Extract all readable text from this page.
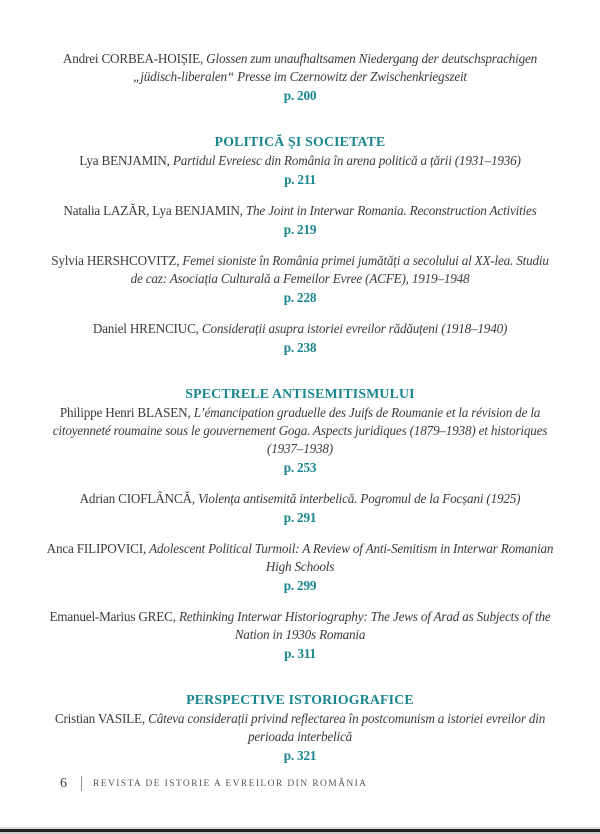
Andrei CORBEA-HOIȘIE, Glossen zum unaufhaltsamen Niedergang der deutschsprachigen „jüdisch-liberalen“ Presse im Czernowitz der Zwischenkriegszeit

p. 200

POLITICĂ ȘI SOCIETATE

Lya BENJAMIN, Partidul Evreiesc din România în arena politică a țării (1931–1936)

p. 211

Natalia LAZĂR, Lya BENJAMIN, The Joint in Interwar Romania. Reconstruction Activities

p. 219

Sylvia HERSHCOVITZ, Femei sioniste în România primei jumătăți a secolului al XX-lea. Studiu de caz: Asociația Culturală a Femeilor Evree (ACFE), 1919–1948

p. 228

Daniel HRENCIUC, Considerații asupra istoriei evreilor rădăuțeni (1918–1940)

p. 238

SPECTRELE ANTISEMITISMULUI

Philippe Henri BLASEN, L’émancipation graduelle des Juifs de Roumanie et la révision de la citoyenneté roumaine sous le gouvernement Goga. Aspects juridiques (1879–1938) et historiques (1937–1938)

p. 253

Adrian CIOFLÂNCĂ, Violența antisemită interbelică. Pogromul de la Focșani (1925)

p. 291

Anca FILIPOVICI, Adolescent Political Turmoil: A Review of Anti-Semitism in Interwar Romanian High Schools

p. 299

Emanuel-Marius GREC, Rethinking Interwar Historiography: The Jews of Arad as Subjects of the Nation in 1930s Romania

p. 311

PERSPECTIVE ISTORIOGRAFICE

Cristian VASILE, Câteva considerații privind reflectarea în postcomunism a istoriei evreilor din perioada interbelică

p. 321

6	REVISTA DE ISTORIE A EVREILOR DIN ROMÂNIA
